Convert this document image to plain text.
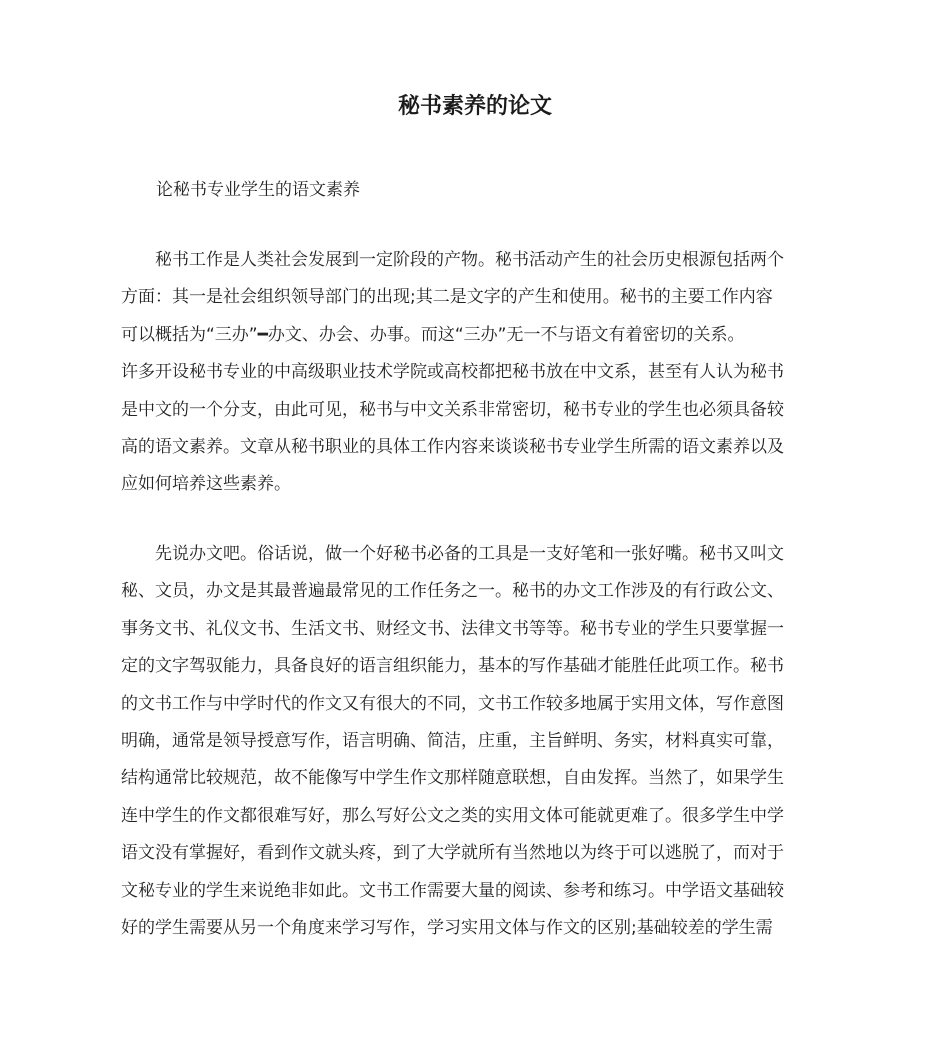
秘书素养的论文
论秘书专业学生的语文素养
　　秘书工作是人类社会发展到一定阶段的产物。秘书活动产生的社会历史根源包括两个
方面：其一是社会组织领导部门的出现;其二是文字的产生和使用。秘书的主要工作内容
可以概括为“三办”━办文、办会、办事。而这“三办”无一不与语文有着密切的关系。
许多开设秘书专业的中高级职业技术学院或高校都把秘书放在中文系，甚至有人认为秘书
是中文的一个分支，由此可见，秘书与中文关系非常密切，秘书专业的学生也必须具备较
高的语文素养。文章从秘书职业的具体工作内容来谈谈秘书专业学生所需的语文素养以及
应如何培养这些素养。
　　先说办文吧。俗话说，做一个好秘书必备的工具是一支好笔和一张好嘴。秘书又叫文
秘、文员，办文是其最普遍最常见的工作任务之一。秘书的办文工作涉及的有行政公文、
事务文书、礼仪文书、生活文书、财经文书、法律文书等等。秘书专业的学生只要掌握一
定的文字驾驭能力，具备良好的语言组织能力，基本的写作基础才能胜任此项工作。秘书
的文书工作与中学时代的作文又有很大的不同，文书工作较多地属于实用文体，写作意图
明确，通常是领导授意写作，语言明确、简洁，庄重，主旨鲜明、务实，材料真实可靠，
结构通常比较规范，故不能像写中学生作文那样随意联想，自由发挥。当然了，如果学生
连中学生的作文都很难写好，那么写好公文之类的实用文体可能就更难了。很多学生中学
语文没有掌握好，看到作文就头疼，到了大学就所有当然地以为终于可以逃脱了，而对于
文秘专业的学生来说绝非如此。文书工作需要大量的阅读、参考和练习。中学语文基础较
好的学生需要从另一个角度来学习写作，学习实用文体与作文的区别;基础较差的学生需
